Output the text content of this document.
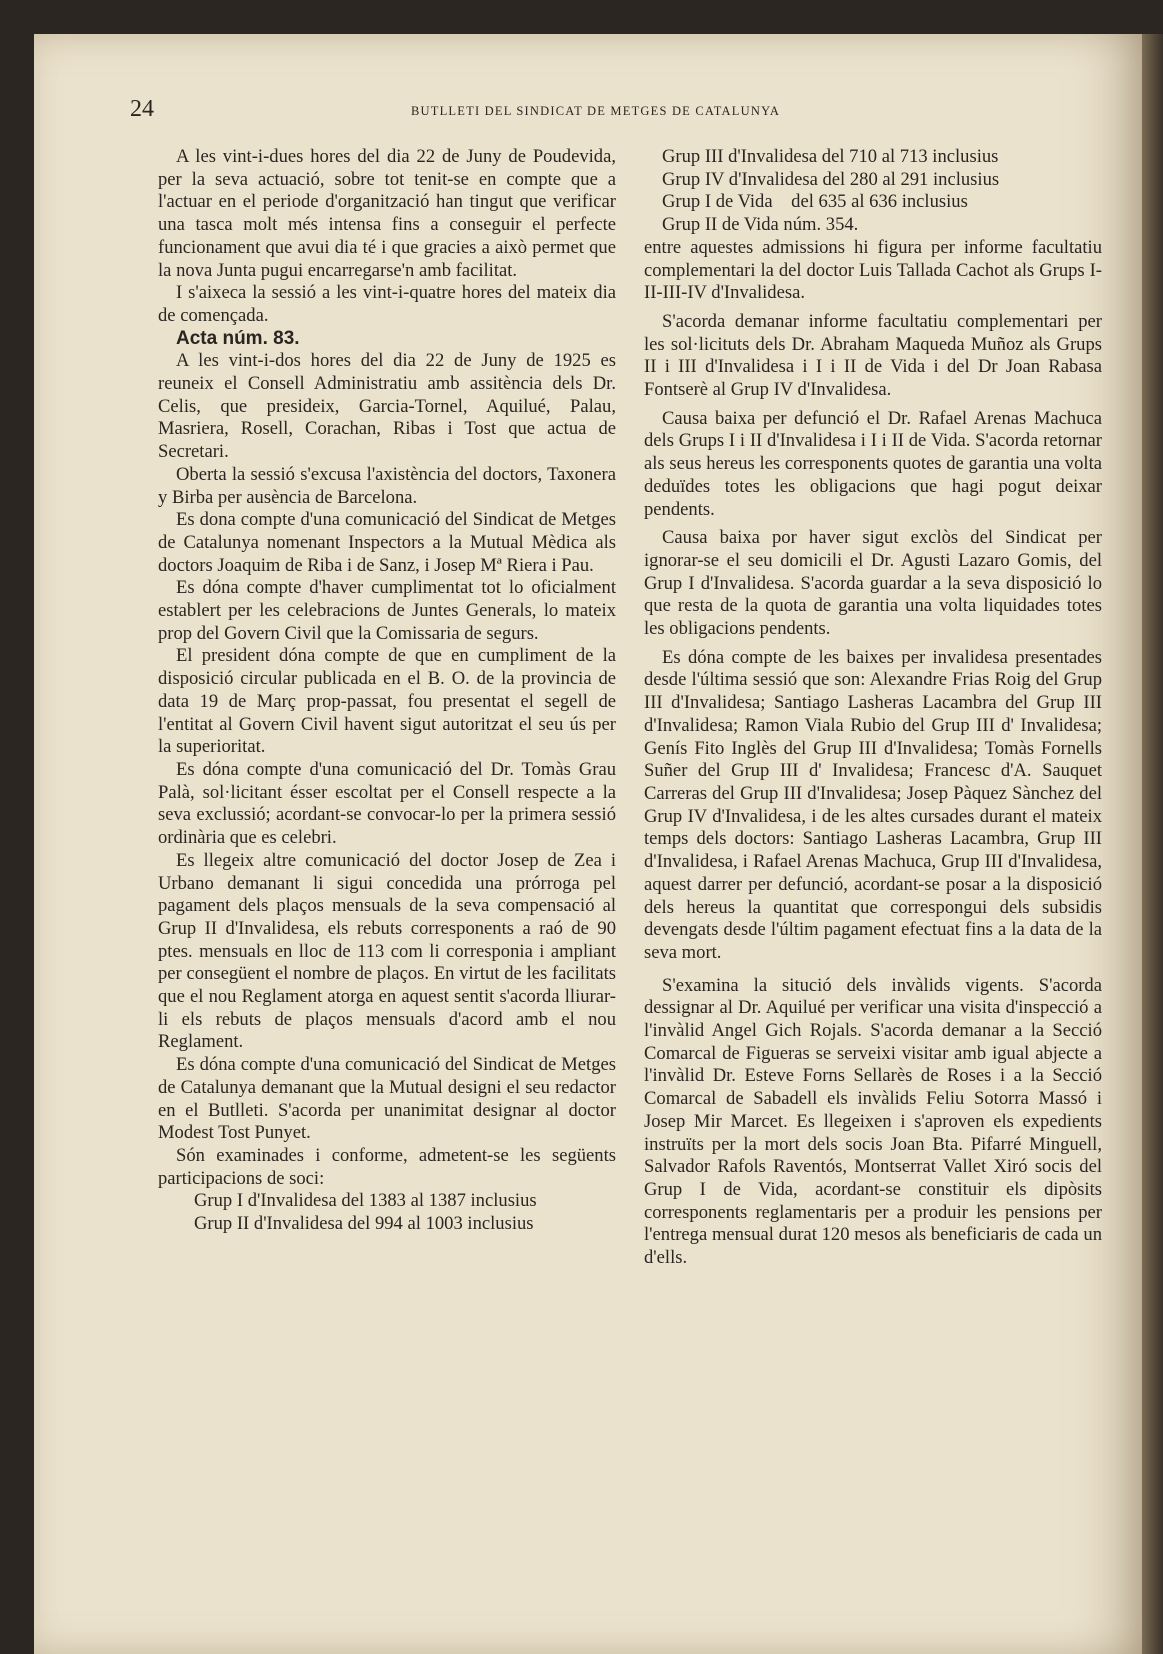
24	BUTLLETI DEL SINDICAT DE METGES DE CATALUNYA

A les vint-i-dues hores del dia 22 de Juny de Poudevida, per la seva actuació, sobre tot tenit-se en compte que a l'actuar en el periode d'organització han tingut que verificar una tasca molt més intensa fins a conseguir el perfecte funcionament que avui dia té i que gracies a això permet que la nova Junta pugui encarregarse'n amb facilitat.

I s'aixeca la sessió a les vint-i-quatre hores del mateix dia de començada.

Acta núm. 83.

A les vint-i-dos hores del dia 22 de Juny de 1925 es reuneix el Consell Administratiu amb assitència dels Dr. Celis, que presideix, Garcia-Tornel, Aquilué, Palau, Masriera, Rosell, Corachan, Ribas i Tost que actua de Secretari.

Oberta la sessió s'excusa l'axistència del doctors, Taxonera y Birba per ausència de Barcelona.

Es dona compte d'una comunicació del Sindicat de Metges de Catalunya nomenant Inspectors a la Mutual Mèdica als doctors Joaquim de Riba i de Sanz, i Josep Mª Riera i Pau.

Es dóna compte d'haver cumplimentat tot lo oficialment establert per les celebracions de Juntes Generals, lo mateix prop del Govern Civil que la Comissaria de segurs.

El president dóna compte de que en cumpliment de la disposició circular publicada en el B. O. de la provincia de data 19 de Març prop-passat, fou presentat el segell de l'entitat al Govern Civil havent sigut autoritzat el seu ús per la superioritat.

Es dóna compte d'una comunicació del Dr. Tomàs Grau Palà, sol·licitant ésser escoltat per el Consell respecte a la seva exclussió; acordant-se convocar-lo per la primera sessió ordinària que es celebri.

Es llegeix altre comunicació del doctor Josep de Zea i Urbano demanant li sigui concedida una prórroga pel pagament dels plaços mensuals de la seva compensació al Grup II d'Invalidesa, els rebuts corresponents a raó de 90 ptes. mensuals en lloc de 113 com li corresponia i ampliant per consegüent el nombre de plaços. En virtut de les facilitats que el nou Reglament atorga en aquest sentit s'acorda lliurar-li els rebuts de plaços mensuals d'acord amb el nou Reglament.

Es dóna compte d'una comunicació del Sindicat de Metges de Catalunya demanant que la Mutual designi el seu redactor en el Butlleti. S'acorda per unanimitat designar al doctor Modest Tost Punyet.

Són examinades i conforme, admetent-se les següents participacions de soci:

Grup I d'Invalidesa del 1383 al 1387 inclusius

Grup II d'Invalidesa del 994 al 1003 inclusius

Grup III d'Invalidesa del 710 al 713 inclusius

Grup IV d'Invalidesa del 280 al 291 inclusius

Grup I de Vida    del 635 al 636 inclusius

Grup II de Vida núm. 354.

entre aquestes admissions hi figura per informe facultatiu complementari la del doctor Luis Tallada Cachot als Grups I-II-III-IV d'Invalidesa.

S'acorda demanar informe facultatiu complementari per les sol·licituts dels Dr. Abraham Maqueda Muñoz als Grups II i III d'Invalidesa i I i II de Vida i del Dr Joan Rabasa Fontserè al Grup IV d'Invalidesa.

Causa baixa per defunció el Dr. Rafael Arenas Machuca dels Grups I i II d'Invalidesa i I i II de Vida. S'acorda retornar als seus hereus les corresponents quotes de garantia una volta deduïdes totes les obligacions que hagi pogut deixar pendents.

Causa baixa por haver sigut exclòs del Sindicat per ignorar-se el seu domicili el Dr. Agusti Lazaro Gomis, del Grup I d'Invalidesa. S'acorda guardar a la seva disposició lo que resta de la quota de garantia una volta liquidades totes les obligacions pendents.

Es dóna compte de les baixes per invalidesa presentades desde l'última sessió que son: Alexandre Frias Roig del Grup III d'Invalidesa; Santiago Lasheras Lacambra del Grup III d'Invalidesa; Ramon Viala Rubio del Grup III d' Invalidesa; Genís Fito Inglès del Grup III d'Invalidesa; Tomàs Fornells Suñer del Grup III d' Invalidesa; Francesc d'A. Sauquet Carreras del Grup III d'Invalidesa; Josep Pàquez Sànchez del Grup IV d'Invalidesa, i de les altes cursades durant el mateix temps dels doctors: Santiago Lasheras Lacambra, Grup III d'Invalidesa, i Rafael Arenas Machuca, Grup III d'Invalidesa, aquest darrer per defunció, acordant-se posar a la disposició dels hereus la quantitat que correspongui dels subsidis devengats desde l'últim pagament efectuat fins a la data de la seva mort.

S'examina la situció dels invàlids vigents. S'acorda dessignar al Dr. Aquilué per verificar una visita d'inspecció a l'invàlid Angel Gich Rojals. S'acorda demanar a la Secció Comarcal de Figueras se serveixi visitar amb igual abjecte a l'invàlid Dr. Esteve Forns Sellarès de Roses i a la Secció Comarcal de Sabadell els invàlids Feliu Sotorra Massó i Josep Mir Marcet. Es llegeixen i s'aproven els expedients instruïts per la mort dels socis Joan Bta. Pifarré Minguell, Salvador Rafols Raventós, Montserrat Vallet Xiró socis del Grup I de Vida, acordant-se constituir els dipòsits corresponents reglamentaris per a produir les pensions per l'entrega mensual durat 120 mesos als beneficiaris de cada un d'ells.
